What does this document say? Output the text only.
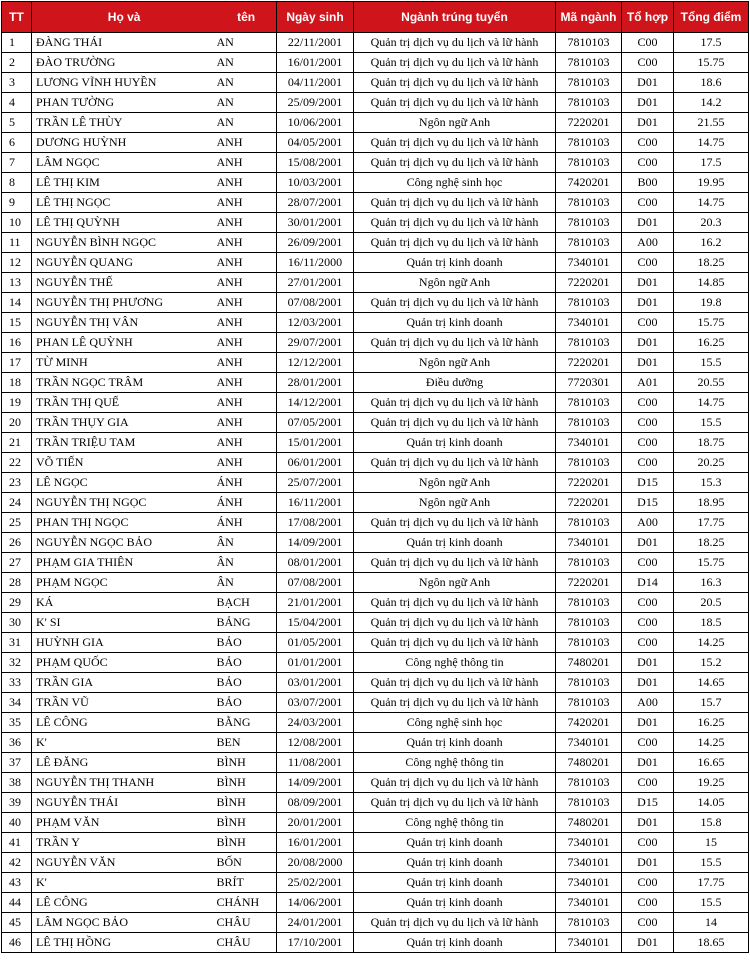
TT	Họ và tên		Ngày sinh	Ngành trúng tuyển	Mã ngành	Tổ hợp	Tổng điểm
1	ĐÀNG THÁI	AN	22/11/2001	Quản trị dịch vụ du lịch và lữ hành	7810103	C00	17.5
2	ĐÀO TRƯỜNG	AN	16/01/2001	Quản trị dịch vụ du lịch và lữ hành	7810103	C00	15.75
3	LƯƠNG VĨNH HUYỀN	AN	04/11/2001	Quản trị dịch vụ du lịch và lữ hành	7810103	D01	18.6
4	PHAN TƯỜNG	AN	25/09/2001	Quản trị dịch vụ du lịch và lữ hành	7810103	D01	14.2
5	TRẦN LÊ THÙY	AN	10/06/2001	Ngôn ngữ Anh	7220201	D01	21.55
6	DƯƠNG HUỲNH	ANH	04/05/2001	Quản trị dịch vụ du lịch và lữ hành	7810103	C00	14.75
7	LÂM NGỌC	ANH	15/08/2001	Quản trị dịch vụ du lịch và lữ hành	7810103	C00	17.5
8	LÊ THỊ KIM	ANH	10/03/2001	Công nghệ sinh học	7420201	B00	19.95
9	LÊ THỊ NGỌC	ANH	28/07/2001	Quản trị dịch vụ du lịch và lữ hành	7810103	C00	14.75
10	LÊ THỊ QUỲNH	ANH	30/01/2001	Quản trị dịch vụ du lịch và lữ hành	7810103	D01	20.3
11	NGUYỄN BÌNH NGỌC	ANH	26/09/2001	Quản trị dịch vụ du lịch và lữ hành	7810103	A00	16.2
12	NGUYỄN QUANG	ANH	16/11/2000	Quản trị kinh doanh	7340101	C00	18.25
13	NGUYỄN THẾ	ANH	27/01/2001	Ngôn ngữ Anh	7220201	D01	14.85
14	NGUYỄN THỊ PHƯƠNG	ANH	07/08/2001	Quản trị dịch vụ du lịch và lữ hành	7810103	D01	19.8
15	NGUYỄN THỊ VÂN	ANH	12/03/2001	Quản trị kinh doanh	7340101	C00	15.75
16	PHAN LÊ QUỲNH	ANH	29/07/2001	Quản trị dịch vụ du lịch và lữ hành	7810103	D01	16.25
17	TỪ MINH	ANH	12/12/2001	Ngôn ngữ Anh	7220201	D01	15.5
18	TRẦN NGỌC TRÂM	ANH	28/01/2001	Điều dưỡng	7720301	A01	20.55
19	TRẦN THỊ QUẾ	ANH	14/12/2001	Quản trị dịch vụ du lịch và lữ hành	7810103	C00	14.75
20	TRẦN THỤY GIA	ANH	07/05/2001	Quản trị dịch vụ du lịch và lữ hành	7810103	C00	15.5
21	TRẦN TRIỆU TAM	ANH	15/01/2001	Quản trị kinh doanh	7340101	C00	18.75
22	VÕ TIẾN	ANH	06/01/2001	Quản trị dịch vụ du lịch và lữ hành	7810103	C00	20.25
23	LÊ NGỌC	ÁNH	25/07/2001	Ngôn ngữ Anh	7220201	D15	15.3
24	NGUYỄN THỊ NGỌC	ÁNH	16/11/2001	Ngôn ngữ Anh	7220201	D15	18.95
25	PHAN THỊ NGỌC	ÁNH	17/08/2001	Quản trị dịch vụ du lịch và lữ hành	7810103	A00	17.75
26	NGUYỄN NGỌC BẢO	ÂN	14/09/2001	Quản trị kinh doanh	7340101	D01	18.25
27	PHẠM GIA THIÊN	ÂN	08/01/2001	Quản trị dịch vụ du lịch và lữ hành	7810103	C00	15.75
28	PHẠM NGỌC	ÂN	07/08/2001	Ngôn ngữ Anh	7220201	D14	16.3
29	KÁ	BẠCH	21/01/2001	Quản trị dịch vụ du lịch và lữ hành	7810103	C00	20.5
30	K' SI	BẢNG	15/04/2001	Quản trị dịch vụ du lịch và lữ hành	7810103	C00	18.5
31	HUỲNH GIA	BẢO	01/05/2001	Quản trị dịch vụ du lịch và lữ hành	7810103	C00	14.25
32	PHẠM QUỐC	BẢO	01/01/2001	Công nghệ thông tin	7480201	D01	15.2
33	TRẦN GIA	BẢO	03/01/2001	Quản trị dịch vụ du lịch và lữ hành	7810103	D01	14.65
34	TRẦN VŨ	BẢO	03/07/2001	Quản trị dịch vụ du lịch và lữ hành	7810103	A00	15.7
35	LÊ CÔNG	BẰNG	24/03/2001	Công nghệ sinh học	7420201	D01	16.25
36	K'	BEN	12/08/2001	Quản trị kinh doanh	7340101	C00	14.25
37	LÊ ĐĂNG	BÌNH	11/08/2001	Công nghệ thông tin	7480201	D01	16.65
38	NGUYỄN THỊ THANH	BÌNH	14/09/2001	Quản trị dịch vụ du lịch và lữ hành	7810103	C00	19.25
39	NGUYỄN THÁI	BÌNH	08/09/2001	Quản trị dịch vụ du lịch và lữ hành	7810103	D15	14.05
40	PHẠM VĂN	BÌNH	20/01/2001	Công nghệ thông tin	7480201	D01	15.8
41	TRẦN Y	BÌNH	16/01/2001	Quản trị kinh doanh	7340101	C00	15
42	NGUYỄN VĂN	BỐN	20/08/2000	Quản trị kinh doanh	7340101	D01	15.5
43	K'	BRÍT	25/02/2001	Quản trị kinh doanh	7340101	C00	17.75
44	LÊ CÔNG	CHÁNH	14/06/2001	Quản trị kinh doanh	7340101	C00	15.5
45	LÂM NGỌC BẢO	CHÂU	24/01/2001	Quản trị dịch vụ du lịch và lữ hành	7810103	C00	14
46	LÊ THỊ HỒNG	CHÂU	17/10/2001	Quản trị kinh doanh	7340101	D01	18.65
